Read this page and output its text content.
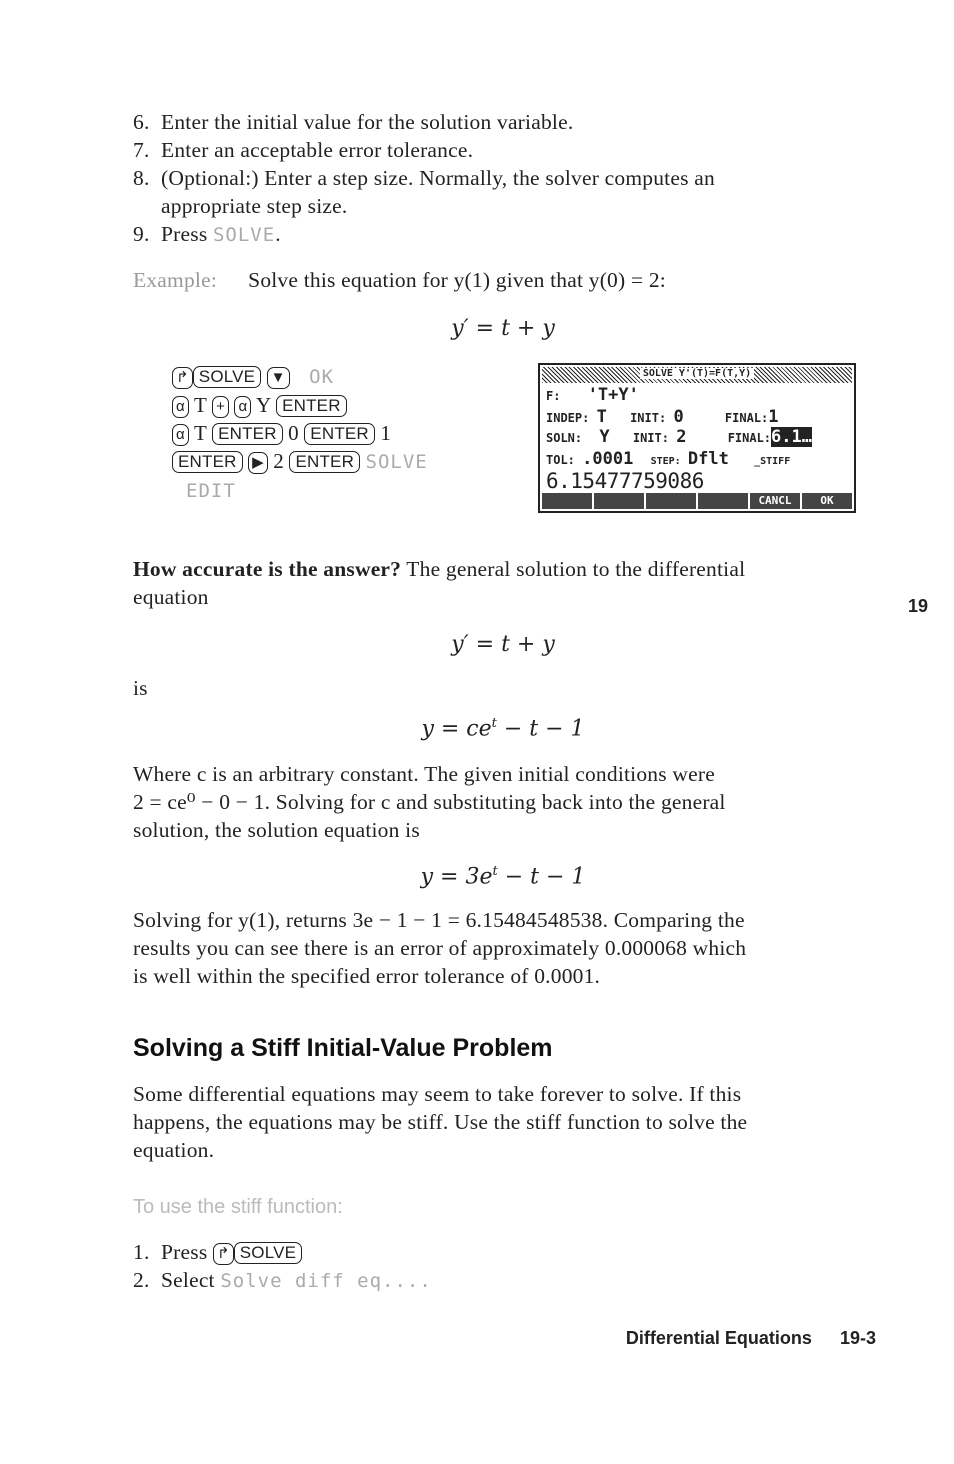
6. Enter the initial value for the solution variable.
7. Enter an acceptable error tolerance.
8. (Optional:) Enter a step size. Normally, the solver computes an
appropriate step size.
9. Press SOLVE.
Example: Solve this equation for y(1) given that y(0) = 2:
y′ = t + y
↱ SOLVE ▼ OK
α T + α Y ENTER
α T ENTER 0 ENTER 1
ENTER ▶ 2 ENTER SOLVE
EDIT
SOLVE Y'(T)=F(T,Y)
F: 'T+Y'
INDEP: T INIT: 0	FINAL:1
SOLN: Y INIT: 2	FINAL:6.1…
TOL: .0001 STEP: Dflt	_STIFF
6.15477759086
CANCL	OK
How accurate is the answer? The general solution to the differential
equation	19
y′ = t + y
is
$y = ce^t - t - 1$
Where c is an arbitrary constant. The given initial conditions were
2 = ce⁰ − 0 − 1. Solving for c and substituting back into the general
solution, the solution equation is
$y = 3e^t - t - 1$
Solving for y(1), returns 3e − 1 − 1 = 6.15484548538. Comparing the
results you can see there is an error of approximately 0.000068 which
is well within the specified error tolerance of 0.0001.
Solving a Stiff Initial-Value Problem
Some differential equations may seem to take forever to solve. If this
happens, the equations may be stiff. Use the stiff function to solve the
equation.
To use the stiff function:
1. Press ↱ SOLVE
2. Select Solve diff eq....
Differential Equations 19-3
